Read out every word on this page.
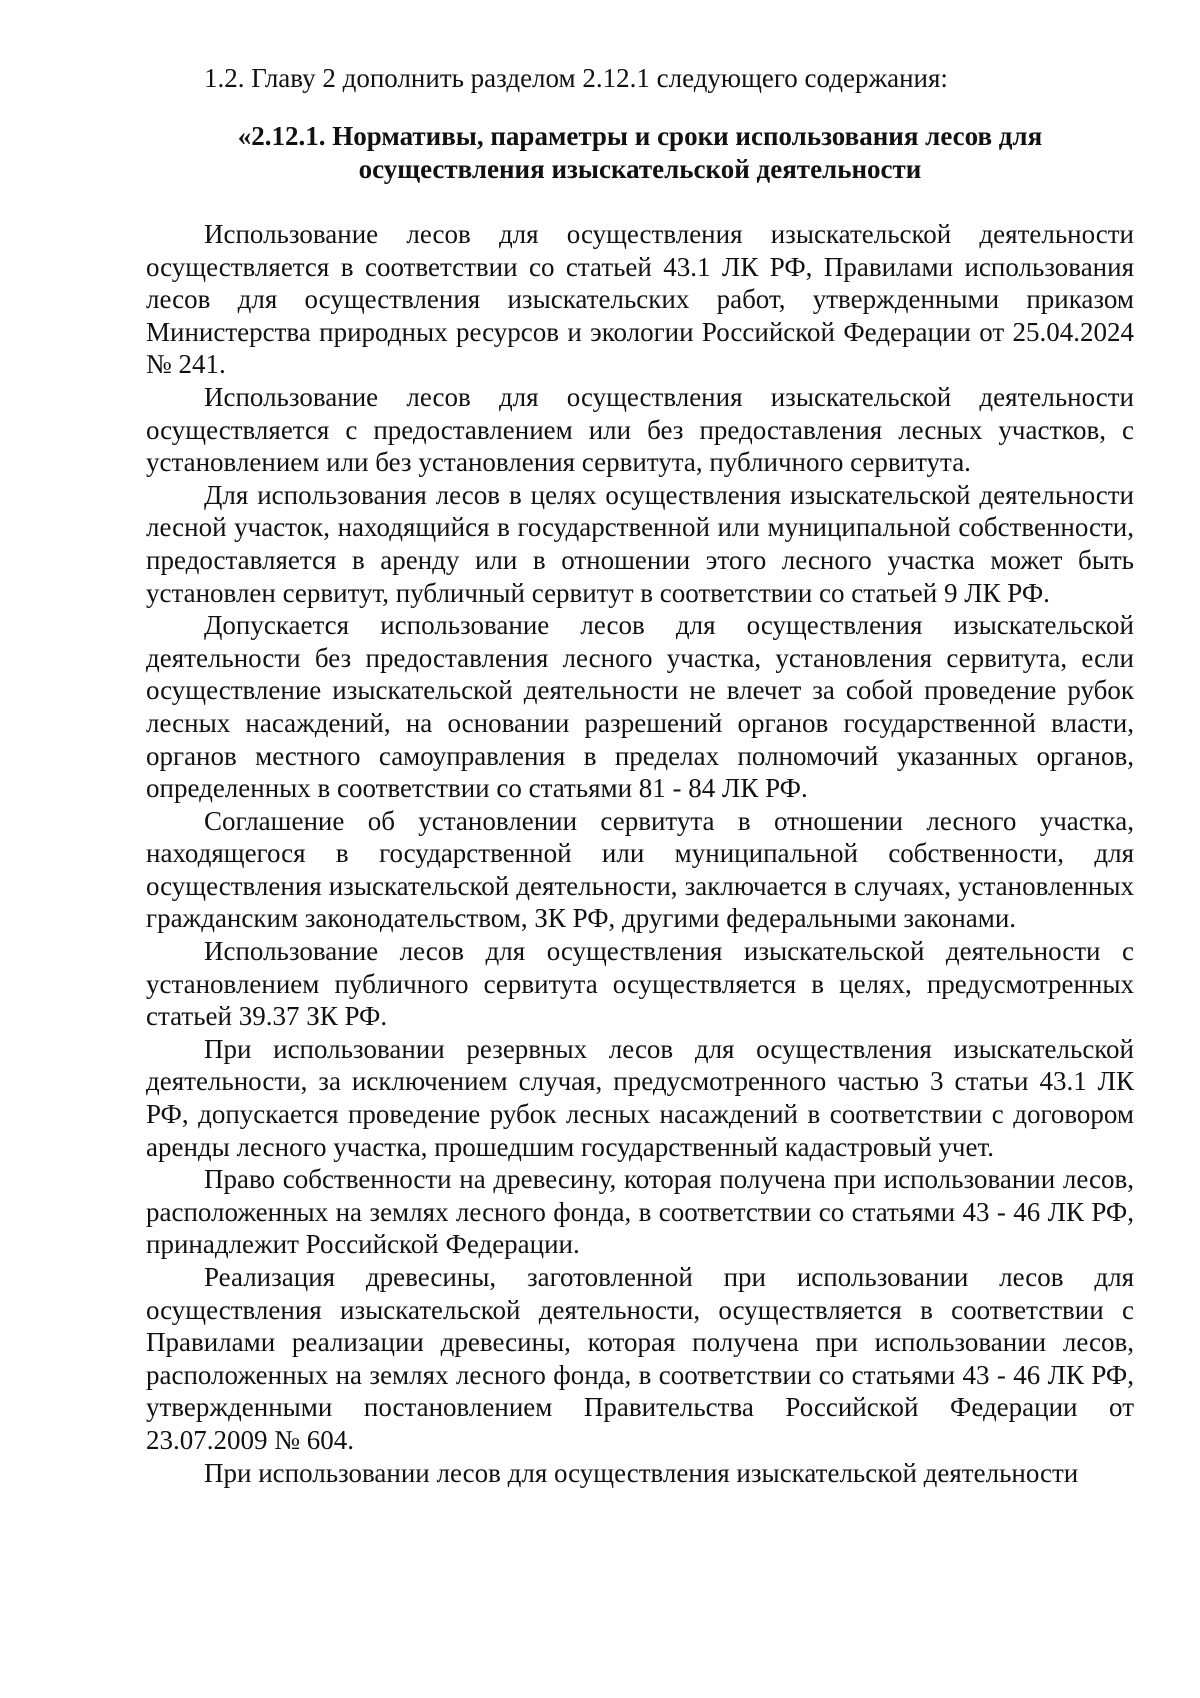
1.2. Главу 2 дополнить разделом 2.12.1 следующего содержания:

«2.12.1. Нормативы, параметры и сроки использования лесов для
осуществления изыскательской деятельности

Использование лесов для осуществления изыскательской деятельности осуществляется в соответствии со статьей 43.1 ЛК РФ, Правилами использования лесов для осуществления изыскательских работ, утвержденными приказом Министерства природных ресурсов и экологии Российской Федерации от 25.04.2024 № 241.

Использование лесов для осуществления изыскательской деятельности осуществляется с предоставлением или без предоставления лесных участков, с установлением или без установления сервитута, публичного сервитута.

Для использования лесов в целях осуществления изыскательской деятельности лесной участок, находящийся в государственной или муниципальной собственности, предоставляется в аренду или в отношении этого лесного участка может быть установлен сервитут, публичный сервитут в соответствии со статьей 9 ЛК РФ.

Допускается использование лесов для осуществления изыскательской деятельности без предоставления лесного участка, установления сервитута, если осуществление изыскательской деятельности не влечет за собой проведение рубок лесных насаждений, на основании разрешений органов государственной власти, органов местного самоуправления в пределах полномочий указанных органов, определенных в соответствии со статьями 81 - 84 ЛК РФ.

Соглашение об установлении сервитута в отношении лесного участка, находящегося в государственной или муниципальной собственности, для осуществления изыскательской деятельности, заключается в случаях, установленных гражданским законодательством, ЗК РФ, другими федеральными законами.

Использование лесов для осуществления изыскательской деятельности с установлением публичного сервитута осуществляется в целях, предусмотренных статьей 39.37 ЗК РФ.

При использовании резервных лесов для осуществления изыскательской деятельности, за исключением случая, предусмотренного частью 3 статьи 43.1 ЛК РФ, допускается проведение рубок лесных насаждений в соответствии с договором аренды лесного участка, прошедшим государственный кадастровый учет.

Право собственности на древесину, которая получена при использовании лесов, расположенных на землях лесного фонда, в соответствии со статьями 43 - 46 ЛК РФ, принадлежит Российской Федерации.

Реализация древесины, заготовленной при использовании лесов для осуществления изыскательской деятельности, осуществляется в соответствии с Правилами реализации древесины, которая получена при использовании лесов, расположенных на землях лесного фонда, в соответствии со статьями 43 - 46 ЛК РФ, утвержденными постановлением Правительства Российской Федерации от 23.07.2009 № 604.

При использовании лесов для осуществления изыскательской деятельности
